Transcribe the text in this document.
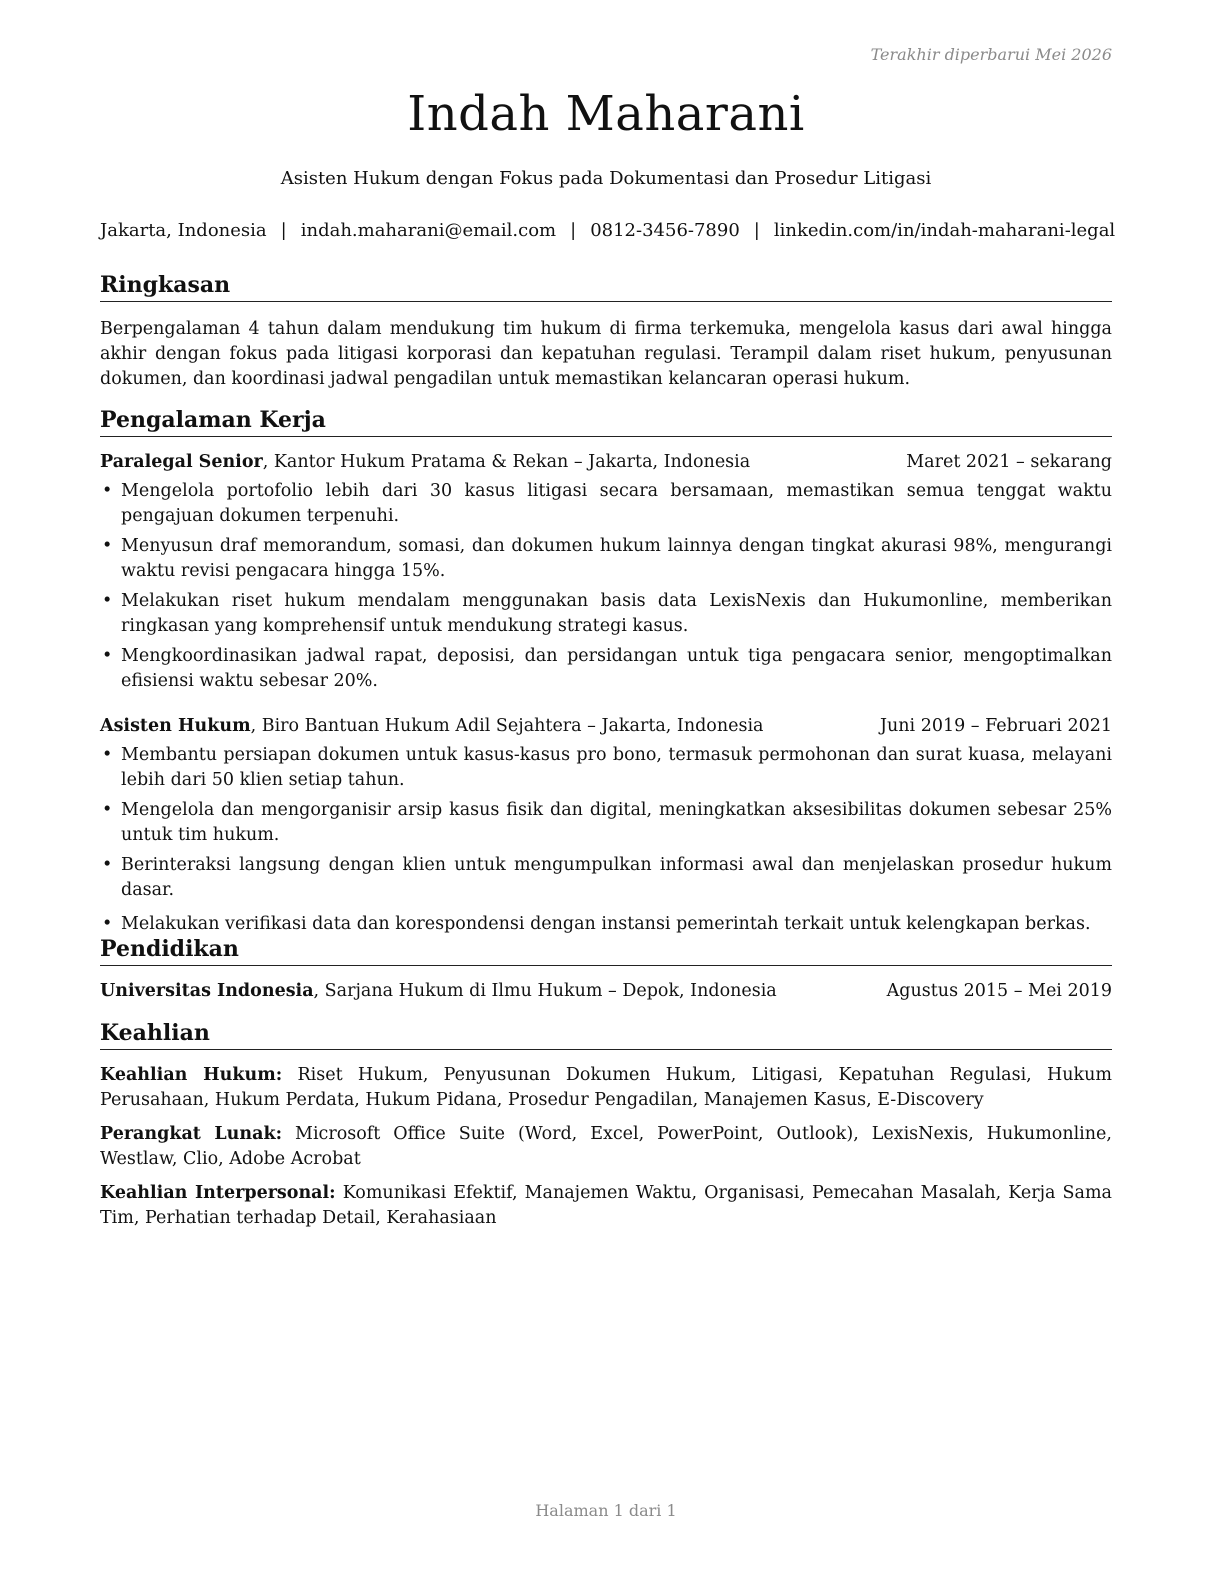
Terakhir diperbarui Mei 2026
Indah Maharani
Asisten Hukum dengan Fokus pada Dokumentasi dan Prosedur Litigasi
Jakarta, Indonesia | indah.maharani@email.com | 0812-3456-7890 | linkedin.com/in/indah-maharani-legal
Ringkasan

Berpengalaman 4 tahun dalam mendukung tim hukum di firma terkemuka, mengelola kasus dari awal hingga akhir dengan fokus pada litigasi korporasi dan kepatuhan regulasi. Terampil dalam riset hukum, penyusunan dokumen, dan koordinasi jadwal pengadilan untuk memastikan kelancaran operasi hukum.

Pengalaman Kerja
Paralegal Senior, Kantor Hukum Pratama & Rekan – Jakarta, Indonesia	Maret 2021 – sekarang
• Mengelola portofolio lebih dari 30 kasus litigasi secara bersamaan, memastikan semua tenggat waktu pengajuan dokumen terpenuhi.
• Menyusun draf memorandum, somasi, dan dokumen hukum lainnya dengan tingkat akurasi 98%, mengurangi waktu revisi pengacara hingga 15%.
• Melakukan riset hukum mendalam menggunakan basis data LexisNexis dan Hukumonline, memberikan ringkasan yang komprehensif untuk mendukung strategi kasus.
• Mengkoordinasikan jadwal rapat, deposisi, dan persidangan untuk tiga pengacara senior, mengoptimalkan efisiensi waktu sebesar 20%.
Asisten Hukum, Biro Bantuan Hukum Adil Sejahtera – Jakarta, Indonesia	Juni 2019 – Februari 2021
• Membantu persiapan dokumen untuk kasus-kasus pro bono, termasuk permohonan dan surat kuasa, melayani lebih dari 50 klien setiap tahun.
• Mengelola dan mengorganisir arsip kasus fisik dan digital, meningkatkan aksesibilitas dokumen sebesar 25% untuk tim hukum.
• Berinteraksi langsung dengan klien untuk mengumpulkan informasi awal dan menjelaskan prosedur hukum dasar.
• Melakukan verifikasi data dan korespondensi dengan instansi pemerintah terkait untuk kelengkapan berkas.
Pendidikan
Universitas Indonesia, Sarjana Hukum di Ilmu Hukum – Depok, Indonesia	Agustus 2015 – Mei 2019
Keahlian

Keahlian Hukum: Riset Hukum, Penyusunan Dokumen Hukum, Litigasi, Kepatuhan Regulasi, Hukum Perusahaan, Hukum Perdata, Hukum Pidana, Prosedur Pengadilan, Manajemen Kasus, E-Discovery

Perangkat Lunak: Microsoft Office Suite (Word, Excel, PowerPoint, Outlook), LexisNexis, Hukumonline, Westlaw, Clio, Adobe Acrobat

Keahlian Interpersonal: Komunikasi Efektif, Manajemen Waktu, Organisasi, Pemecahan Masalah, Kerja Sama Tim, Perhatian terhadap Detail, Kerahasiaan

Halaman 1 dari 1
